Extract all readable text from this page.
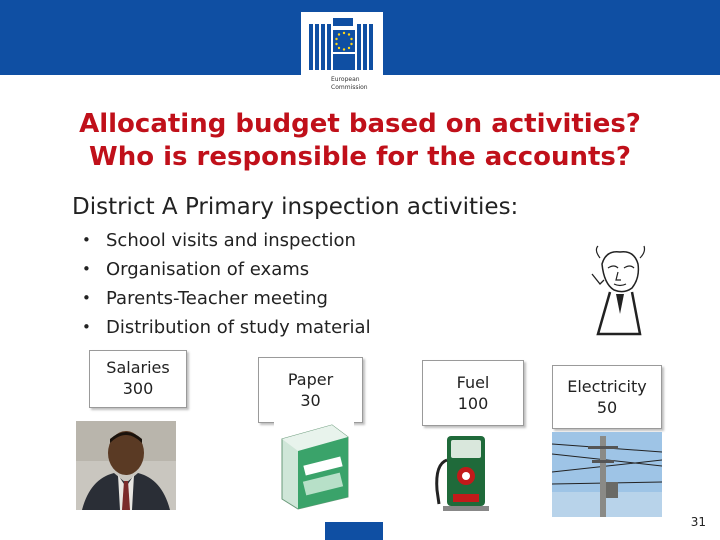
European
Commission
Allocating budget based on activities?
Who is responsible for the accounts?
District A Primary inspection activities:
• School visits and inspection
• Organisation of exams
• Parents-Teacher meeting
• Distribution of study material
Salaries
300	Paper
30
Fuel
100
Electricity
50
31
